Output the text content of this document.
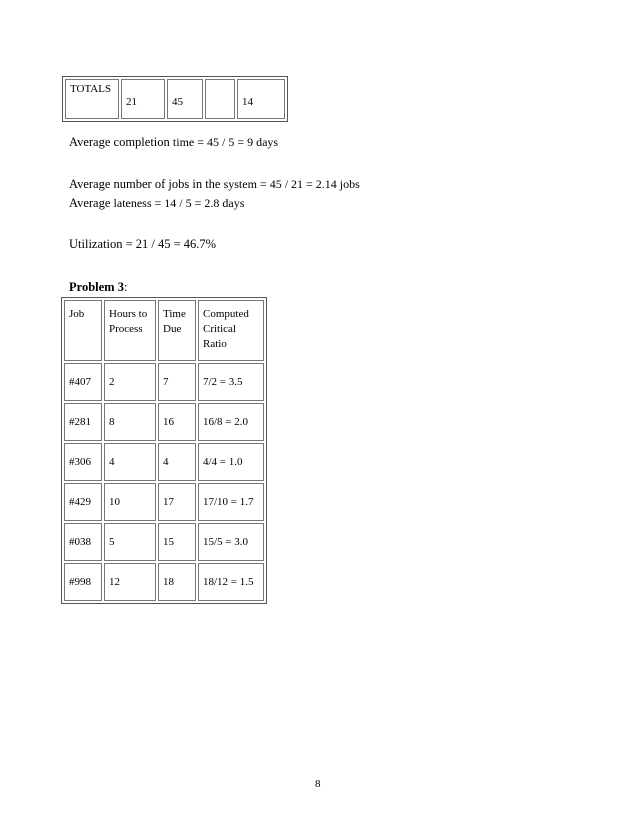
TOTALS	21	45		14
Average completion time = 45 / 5 = 9 days
Average number of jobs in the system = 45 / 21 = 2.14 jobs
Average lateness = 14 / 5 = 2.8 days
Utilization = 21 / 45 = 46.7%
Problem 3:
Job	Hours to Process	Time Due	Computed Critical Ratio
#407	2	7	7/2 = 3.5
#281	8	16	16/8 = 2.0
#306	4	4	4/4 = 1.0
#429	10	17	17/10 = 1.7
#038	5	15	15/5 = 3.0
#998	12	18	18/12 = 1.5
8
